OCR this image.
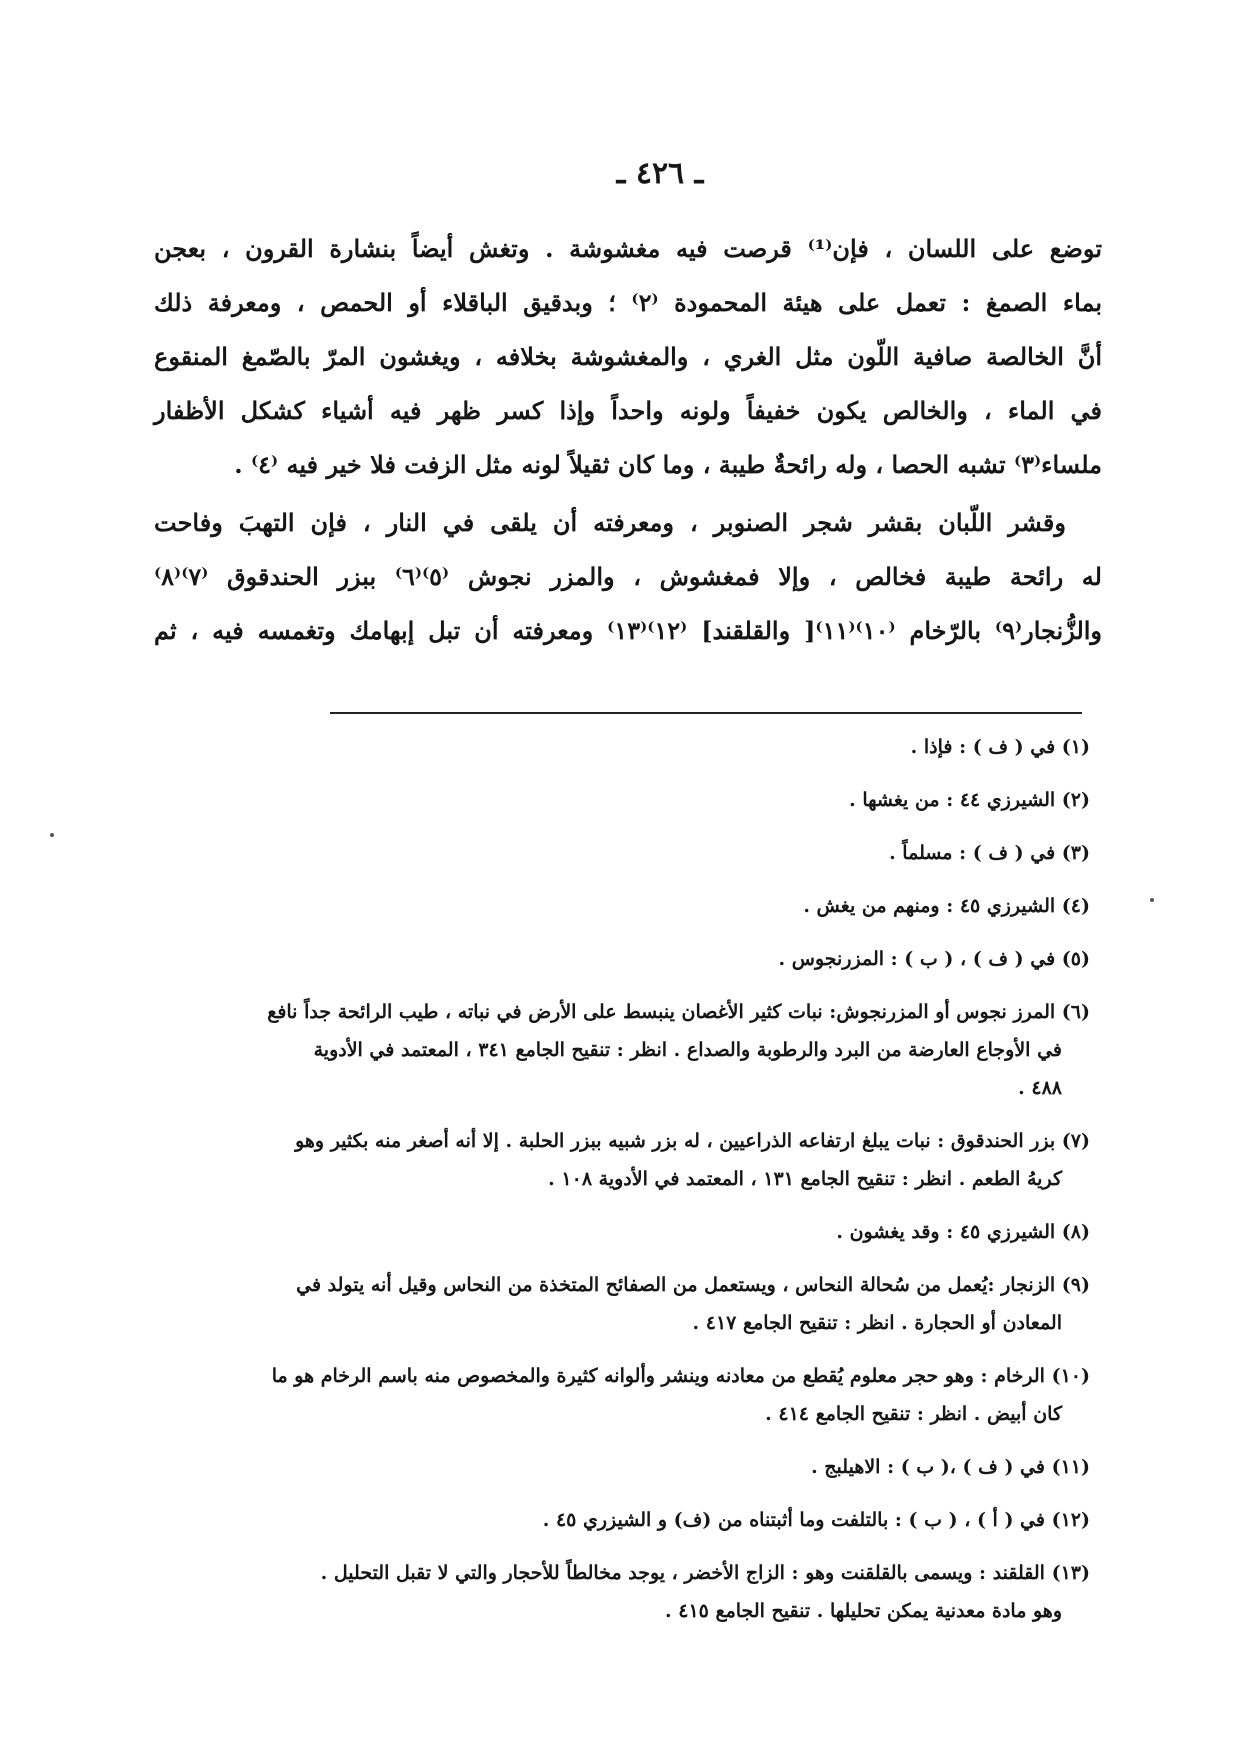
ـ ٤٢٦ ـ

توضع على اللسان ، فإن⁽¹⁾ قرصت فيه مغشوشة . وتغش أيضاً بنشارة القرون ، بعجن
بماء الصمغ : تعمل على هيئة المحمودة ⁽٢⁾ ؛ وبدقيق الباقلاء أو الحمص ، ومعرفة ذلك
أنَّ الخالصة صافية اللّون مثل الغري ، والمغشوشة بخلافه ، ويغشون المرّ بالصّمغ المنقوع
في الماء ، والخالص يكون خفيفاً ولونه واحداً وإذا كسر ظهر فيه أشياء كشكل الأظفار
ملساء⁽٣⁾ تشبه الحصا ، وله رائحةٌ طيبة ، وما كان ثقيلاً لونه مثل الزفت فلا خير فيه ⁽٤⁾ .

وقشر اللّبان بقشر شجر الصنوبر ، ومعرفته أن يلقى في النار ، فإن التهبَ وفاحت
له رائحة طيبة فخالص ، وإلا فمغشوش ، والمزر نجوش ⁽٥⁾⁽٦⁾ ببزر الحندقوق ⁽٧⁾⁽٨⁾
والزُّنجار⁽٩⁾ بالرّخام ⁽١٠⁾⁽١١⁾[ والقلقند] ⁽١٢⁾⁽١٣⁾ ومعرفته أن تبل إبهامك وتغمسه فيه ، ثم

(١) في ( ف ) : فإذا .

(٢) الشيرزي ٤٤ : من يغشها .

(٣) في ( ف ) : مسلماً .

(٤) الشيرزي ٤٥ : ومنهم من يغش .

(٥) في ( ف ) ، ( ب ) : المزرنجوس .

(٦) المرز نجوس أو المزرنجوش: نبات كثير الأغصان ينبسط على الأرض في نباته ، طيب الرائحة جداً نافع
في الأوجاع العارضة من البرد والرطوبة والصداع . انظر : تنقيح الجامع ٣٤١ ، المعتمد في الأدوية
٤٨٨ .

(٧) بزر الحندقوق : نبات يبلغ ارتفاعه الذراعيين ، له بزر شبيه ببزر الحلبة . إلا أنه أصغر منه بكثير وهو
كريهُ الطعم . انظر : تنقيح الجامع ١٣١ ، المعتمد في الأدوية ١٠٨ .

(٨) الشيرزي ٤٥ : وقد يغشون .

(٩) الزنجار :يُعمل من سُحالة النحاس ، ويستعمل من الصفائح المتخذة من النحاس وقيل أنه يتولد في
المعادن أو الحجارة . انظر : تنقيح الجامع ٤١٧ .

(١٠) الرخام : وهو حجر معلوم يُقطع من معادنه وينشر وألوانه كثيرة والمخصوص منه باسم الرخام هو ما
كان أبيض . انظر : تنقيح الجامع ٤١٤ .

(١١) في ( ف ) ،( ب ) : الاهيلبج .

(١٢) في ( أ ) ، ( ب ) : بالتلفت وما أثبتناه من (ف) و الشيزري ٤٥ .

(١٣) القلقند : ويسمى بالقلقنت وهو : الزاج الأخضر ، يوجد مخالطاً للأحجار والتي لا تقبل التحليل .
وهو مادة معدنية يمكن تحليلها . تنقيح الجامع ٤١٥ .
